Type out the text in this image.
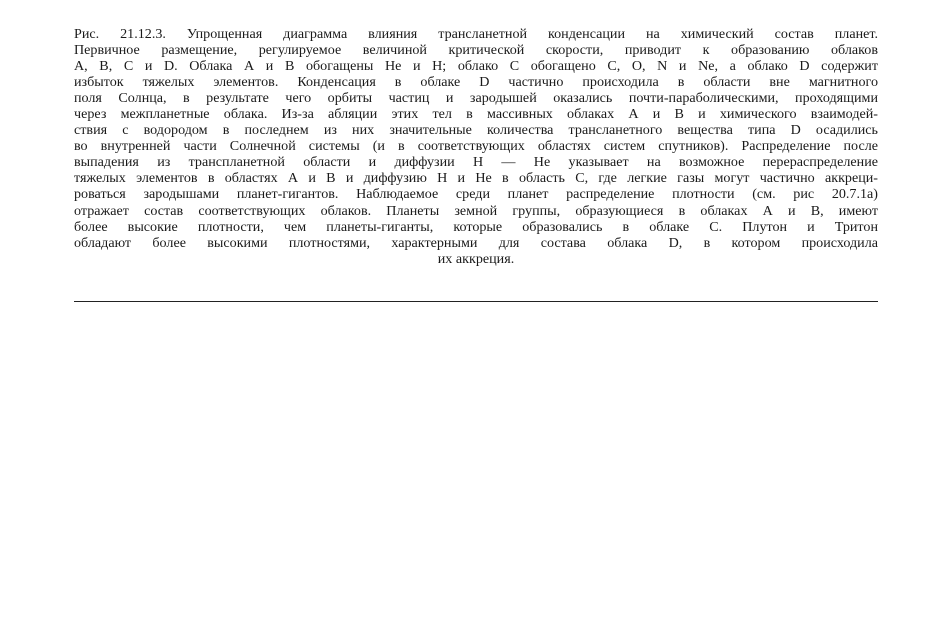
Рис. 21.12.3. Упрощенная диаграмма влияния трансланетной конденсации на химический состав планет.
Первичное размещение, регулируемое величиной критической скорости, приводит к образованию облаков
А, В, С и D. Облака А и В обогащены Не и Н; облако С обогащено С, О, N и Ne, а облако D содержит
избыток тяжелых элементов. Конденсация в облаке D частично происходила в области вне магнитного
поля Солнца, в результате чего орбиты частиц и зародышей оказались почти-параболическими, проходящими
через межпланетные облака. Из-за абляции этих тел в массивных облаках А и В и химического взаимодей-
ствия с водородом в последнем из них значительные количества трансланетного вещества типа D осадились
во внутренней части Солнечной системы (и в соответствующих областях систем спутников). Распределение после
выпадения из транспланетной области и диффузии Н — Не указывает на возможное перераспределение
тяжелых элементов в областях А и В и диффузию Н и Не в область С, где легкие газы могут частично аккреци-
роваться зародышами планет-гигантов. Наблюдаемое среди планет распределение плотности (см. рис 20.7.1а)
отражает состав соответствующих облаков. Планеты земной группы, образующиеся в облаках А и В, имеют
более высокие плотности, чем планеты-гиганты, которые образовались в облаке С. Плутон и Тритон
обладают более высокими плотностями, характерными для состава облака D, в котором происходила
их аккреция.
